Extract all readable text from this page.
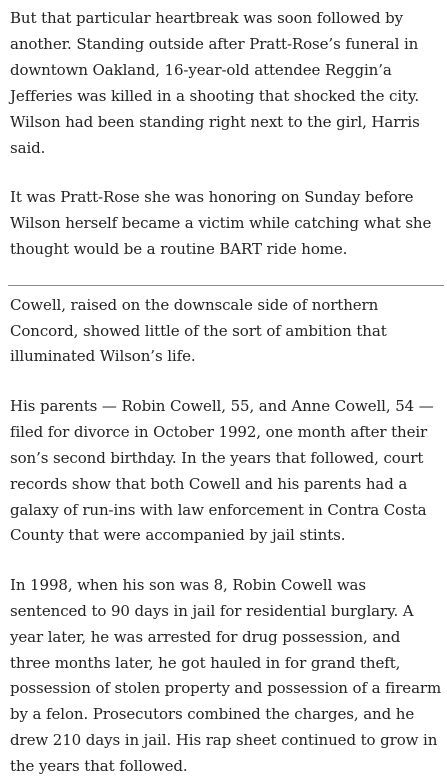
But that particular heartbreak was soon followed by another. Standing outside after Pratt-Rose’s funeral in downtown Oakland, 16-year-old attendee Reggin’a Jefferies was killed in a shooting that shocked the city. Wilson had been standing right next to the girl, Harris said.

It was Pratt-Rose she was honoring on Sunday before Wilson herself became a victim while catching what she thought would be a routine BART ride home.

Cowell, raised on the downscale side of northern Concord, showed little of the sort of ambition that illuminated Wilson’s life.

His parents — Robin Cowell, 55, and Anne Cowell, 54 — filed for divorce in October 1992, one month after their son’s second birthday. In the years that followed, court records show that both Cowell and his parents had a galaxy of run-ins with law enforcement in Contra Costa County that were accompanied by jail stints.

In 1998, when his son was 8, Robin Cowell was sentenced to 90 days in jail for residential burglary. A year later, he was arrested for drug possession, and three months later, he got hauled in for grand theft, possession of stolen property and possession of a firearm by a felon. Prosecutors combined the charges, and he drew 210 days in jail. His rap sheet continued to grow in the years that followed.
